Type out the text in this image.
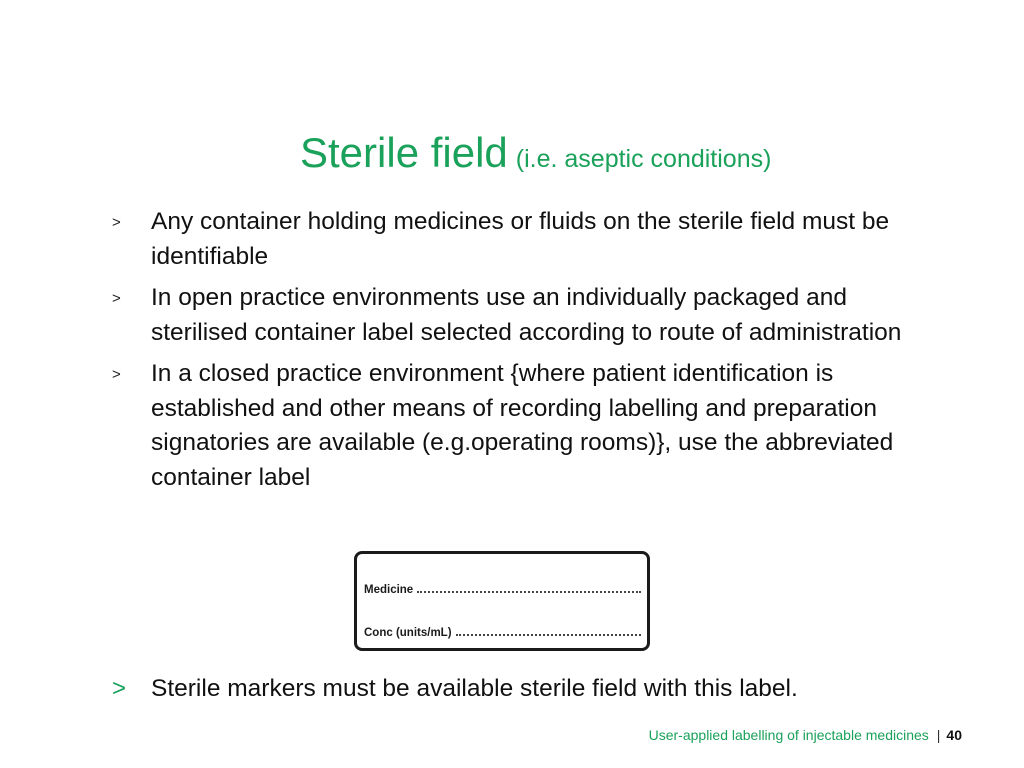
Sterile field (i.e. aseptic conditions)
> Any container holding medicines or fluids on the sterile field must be identifiable
> In open practice environments use an individually packaged and sterilised container label selected according to route of administration
> In a closed practice environment {where patient identification is established and other means of recording labelling and preparation signatories are available (e.g.operating rooms)}, use the abbreviated container label
Medicine
Conc (units/mL)
> Sterile markers must be available sterile field with this label.
User-applied labelling of injectable medicines | 40
